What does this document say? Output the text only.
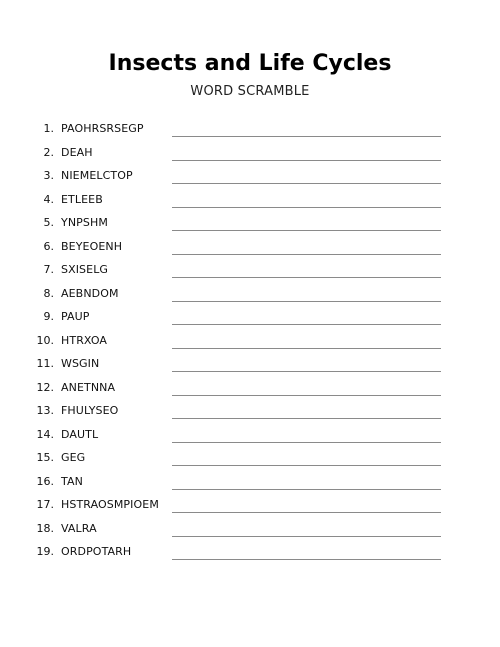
Insects and Life Cycles
WORD SCRAMBLE
1. PAOHRSRSEGP
2. DEAH
3. NIEMELCTOP
4. ETLEEB
5. YNPSHM
6. BEYEOENH
7. SXISELG
8. AEBNDOM
9. PAUP
10. HTRXOA
11. WSGIN
12. ANETNNA
13. FHULYSEO
14. DAUTL
15. GEG
16. TAN
17. HSTRAOSMPIOEM
18. VALRA
19. ORDPOTARH
